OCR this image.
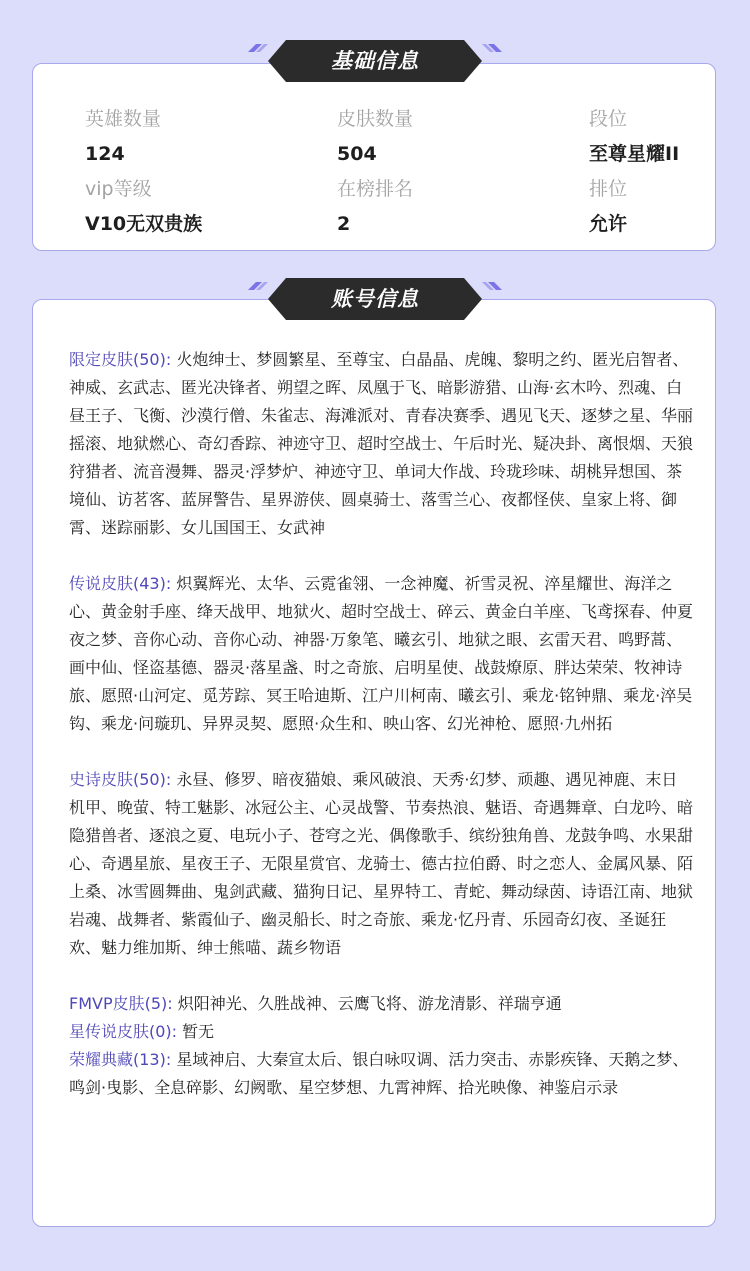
英雄数量	皮肤数量	段位
124	504	至尊星耀II
vip等级	在榜排名	排位
V10无双贵族	2	允许
基础信息

限定皮肤(50): 火炮绅士、梦圆繁星、至尊宝、白晶晶、虎魄、黎明之约、匿光启智者、神威、玄武志、匿光决锋者、朔望之晖、凤凰于飞、暗影游猎、山海·玄木吟、烈魂、白昼王子、飞衡、沙漠行僧、朱雀志、海滩派对、青春决赛季、遇见飞天、逐梦之星、华丽摇滚、地狱燃心、奇幻香踪、神迹守卫、超时空战士、午后时光、疑决卦、离恨烟、天狼狩猎者、流音漫舞、器灵·浮梦炉、神迹守卫、单词大作战、玲珑珍味、胡桃异想国、茶境仙、访茗客、蓝屏警告、星界游侠、圆桌骑士、落雪兰心、夜都怪侠、皇家上将、御霄、迷踪丽影、女儿国国王、女武神

传说皮肤(43): 炽翼辉光、太华、云霓雀翎、一念神魔、祈雪灵祝、淬星耀世、海洋之心、黄金射手座、绛天战甲、地狱火、超时空战士、碎云、黄金白羊座、飞鸢探春、仲夏夜之梦、音你心动、音你心动、神器·万象笔、曦玄引、地狱之眼、玄雷天君、鸣野蒿、画中仙、怪盗基德、器灵·落星盏、时之奇旅、启明星使、战鼓燎原、胖达荣荣、牧神诗旅、愿照·山河定、觅芳踪、冥王哈迪斯、江户川柯南、曦玄引、乘龙·铭钟鼎、乘龙·淬吴钩、乘龙·问璇玑、异界灵契、愿照·众生和、映山客、幻光神枪、愿照·九州拓

史诗皮肤(50): 永昼、修罗、暗夜猫娘、乘风破浪、天秀·幻梦、顽趣、遇见神鹿、末日机甲、晚萤、特工魅影、冰冠公主、心灵战警、节奏热浪、魅语、奇遇舞章、白龙吟、暗隐猎兽者、逐浪之夏、电玩小子、苍穹之光、偶像歌手、缤纷独角兽、龙鼓争鸣、水果甜心、奇遇星旅、星夜王子、无限星赏官、龙骑士、德古拉伯爵、时之恋人、金属风暴、陌上桑、冰雪圆舞曲、鬼剑武藏、猫狗日记、星界特工、青蛇、舞动绿茵、诗语江南、地狱岩魂、战舞者、紫霞仙子、幽灵船长、时之奇旅、乘龙·忆丹青、乐园奇幻夜、圣诞狂欢、魅力维加斯、绅士熊喵、蔬乡物语

FMVP皮肤(5): 炽阳神光、久胜战神、云鹰飞将、游龙清影、祥瑞亨通

星传说皮肤(0): 暂无

荣耀典藏(13): 星域神启、大秦宣太后、银白咏叹调、活力突击、赤影疾锋、天鹅之梦、鸣剑·曳影、全息碎影、幻阙歌、星空梦想、九霄神辉、拾光映像、神鉴启示录

账号信息
